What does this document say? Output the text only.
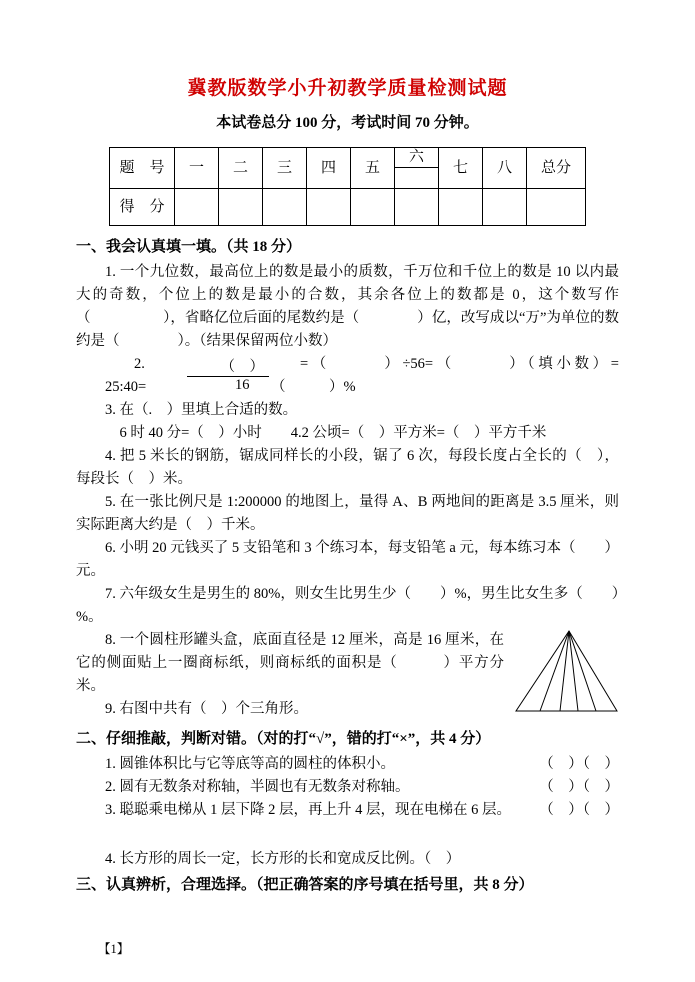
冀教版数学小升初教学质量检测试题
本试卷总分 100 分，考试时间 70 分钟。
题　号	一	二	三	四	五	六	七	八	总分
得　分									
一、我会认真填一填。（共 18 分）

1. 一个九位数，最高位上的数是最小的质数，千万位和千位上的数是 10 以内最大的奇数，个位上的数是最小的合数，其余各位上的数都是 0，这个数写作（　　　　　），省略亿位后面的尾数约是（　　　　）亿，改写成以“万”为单位的数约是（　　　　）。（结果保留两位小数）

2. 25:40=	$\frac{( )}{16}$	=（　　　）÷56=（　　　）（填小数）=（　　　）%

3. 在（.　）里填上合适的数。

6 时 40 分=（　）小时　　4.2 公顷=（　）平方米=（　）平方千米

4. 把 5 米长的钢筋，锯成同样长的小段，锯了 6 次，每段长度占全长的（　），每段长（　）米。

5. 在一张比例尺是 1:200000 的地图上，量得 A、B 两地间的距离是 3.5 厘米，则实际距离大约是（　）千米。

6. 小明 20 元钱买了 5 支铅笔和 3 个练习本，每支铅笔 a 元，每本练习本（　　）元。

7. 六年级女生是男生的 80%，则女生比男生少（　　）%，男生比女生多（　　）%。

8. 一个圆柱形罐头盒，底面直径是 12 厘米，高是 16 厘米，在它的侧面贴上一圈商标纸，则商标纸的面积是（　　　）平方分米。

9. 右图中共有（　）个三角形。

二、仔细推敲，判断对错。（对的打“√”，错的打“×”，共 4 分）
1. 圆锥体积比与它等底等高的圆柱的体积小。	（　）（　）
2. 圆有无数条对称轴，半圆也有无数条对称轴。	（　）（　）
3. 聪聪乘电梯从 1 层下降 2 层，再上升 4 层，现在电梯在 6 层。 （　）（　）

4. 长方形的周长一定，长方形的长和宽成反比例。（　）

三、认真辨析，合理选择。（把正确答案的序号填在括号里，共 8 分）
【1】
